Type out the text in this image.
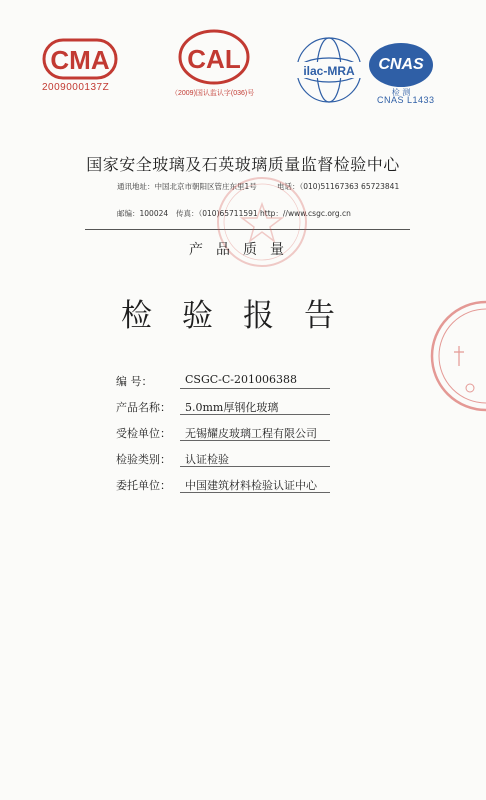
CMA
2009000137Z
CAL
（2009)国认监认字(036)号
ilac-MRA CNAS
检 测
CNAS L1433
国家安全玻璃及石英玻璃质量监督检验中心
通讯地址：中国北京市朝阳区管庄东里1号	电话：（010)51167363 65723841
邮编：100024 传真：（010)65711591 http：//www.csgc.org.cn
产品质量
检验报告
编 号：	CSGC-C-201006388
产品名称： 5.0mm厚钢化玻璃
受检单位： 无锡耀皮玻璃工程有限公司
检验类别： 认证检验
委托单位： 中国建筑材料检验认证中心
